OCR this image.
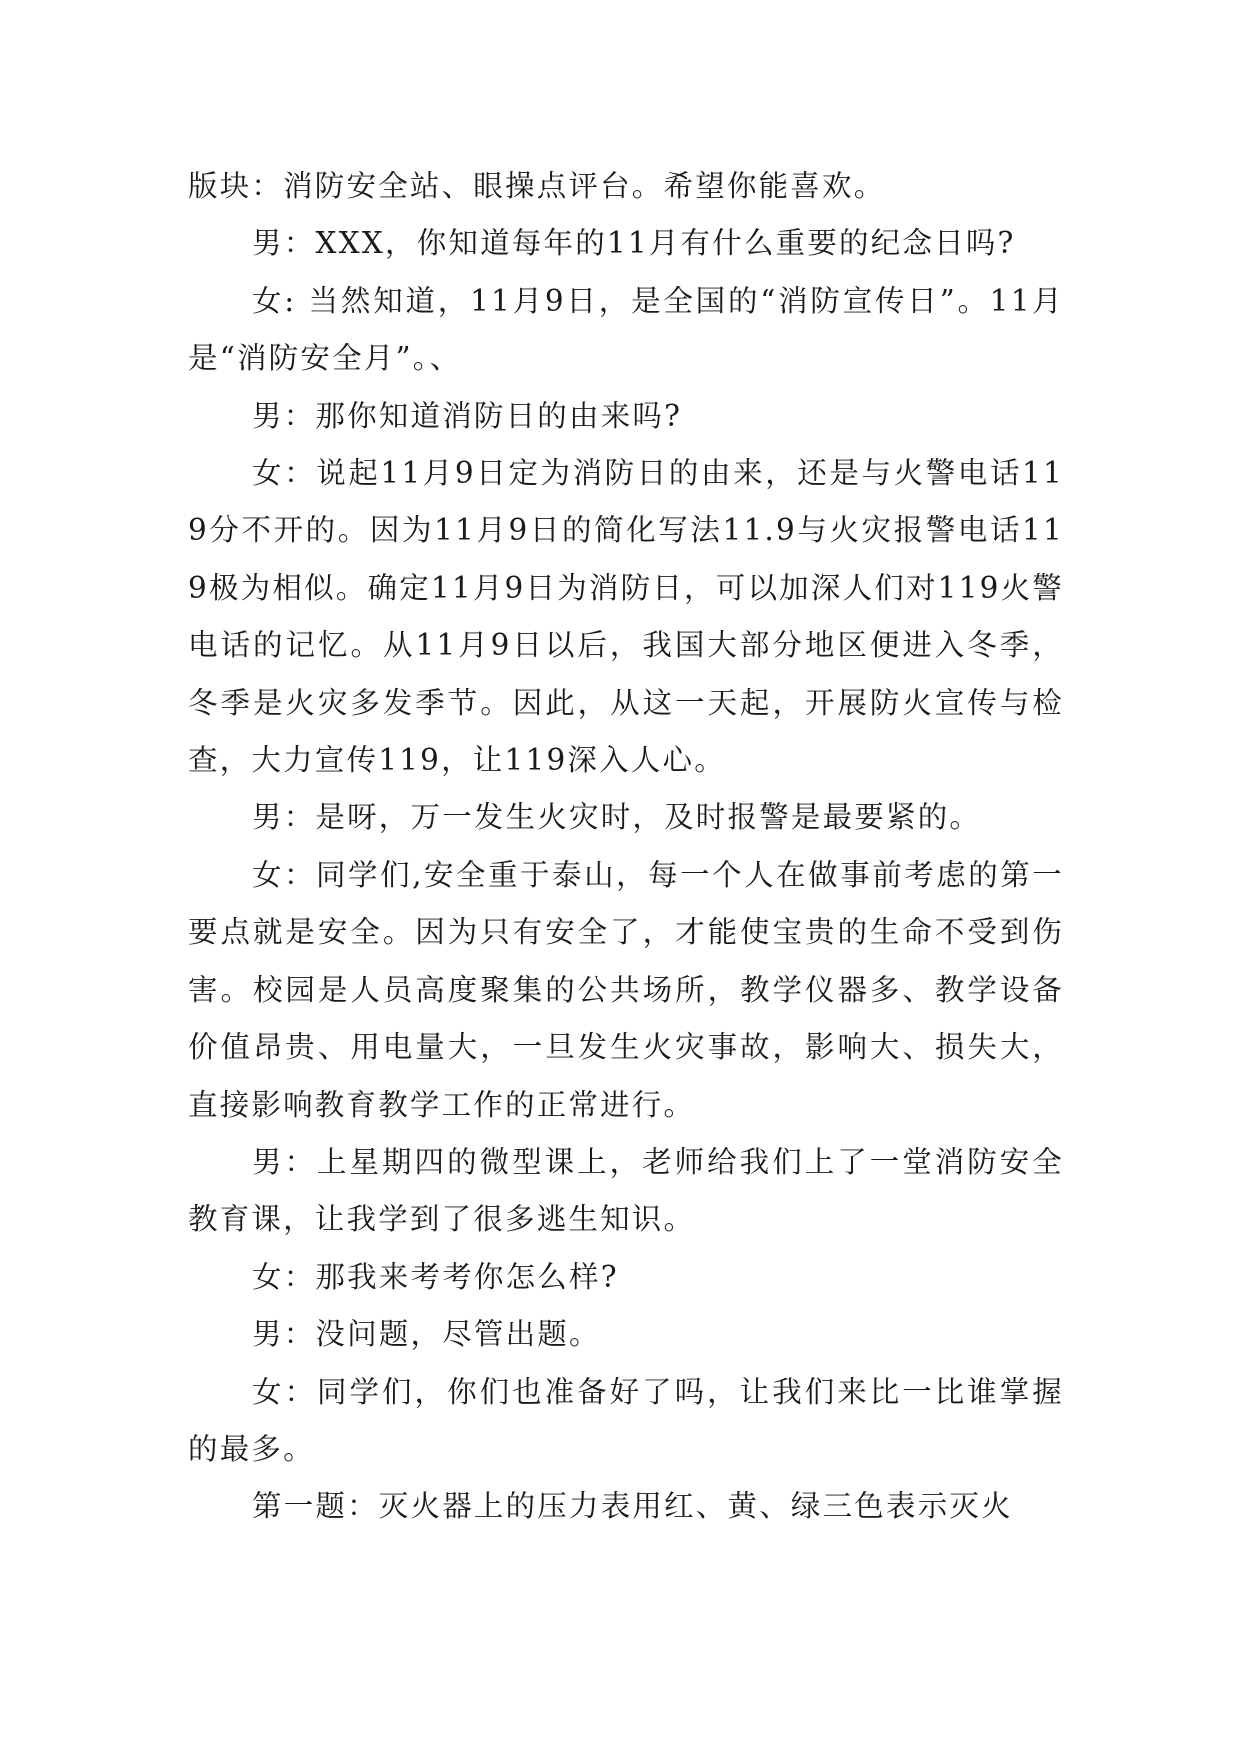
版块：消防安全站、眼操点评台。希望你能喜欢。

男：XXX，你知道每年的11月有什么重要的纪念日吗?

女: 当然知道，11月9日，是全国的“消防宣传日”。11月是“消防安全月”。、

男：那你知道消防日的由来吗?

女：说起11月9日定为消防日的由来，还是与火警电话119分不开的。因为11月9日的简化写法11.9与火灾报警电话119极为相似。确定11月9日为消防日，可以加深人们对119火警电话的记忆。从11月9日以后，我国大部分地区便进入冬季，冬季是火灾多发季节。因此，从这一天起，开展防火宣传与检查，大力宣传119，让119深入人心。

男：是呀，万一发生火灾时，及时报警是最要紧的。

女：同学们,安全重于泰山，每一个人在做事前考虑的第一要点就是安全。因为只有安全了，才能使宝贵的生命不受到伤害。校园是人员高度聚集的公共场所，教学仪器多、教学设备价值昂贵、用电量大，一旦发生火灾事故，影响大、损失大，直接影响教育教学工作的正常进行。

男：上星期四的微型课上，老师给我们上了一堂消防安全教育课，让我学到了很多逃生知识。

女：那我来考考你怎么样?

男：没问题，尽管出题。

女：同学们，你们也准备好了吗，让我们来比一比谁掌握的最多。

第一题：灭火器上的压力表用红、黄、绿三色表示灭火
